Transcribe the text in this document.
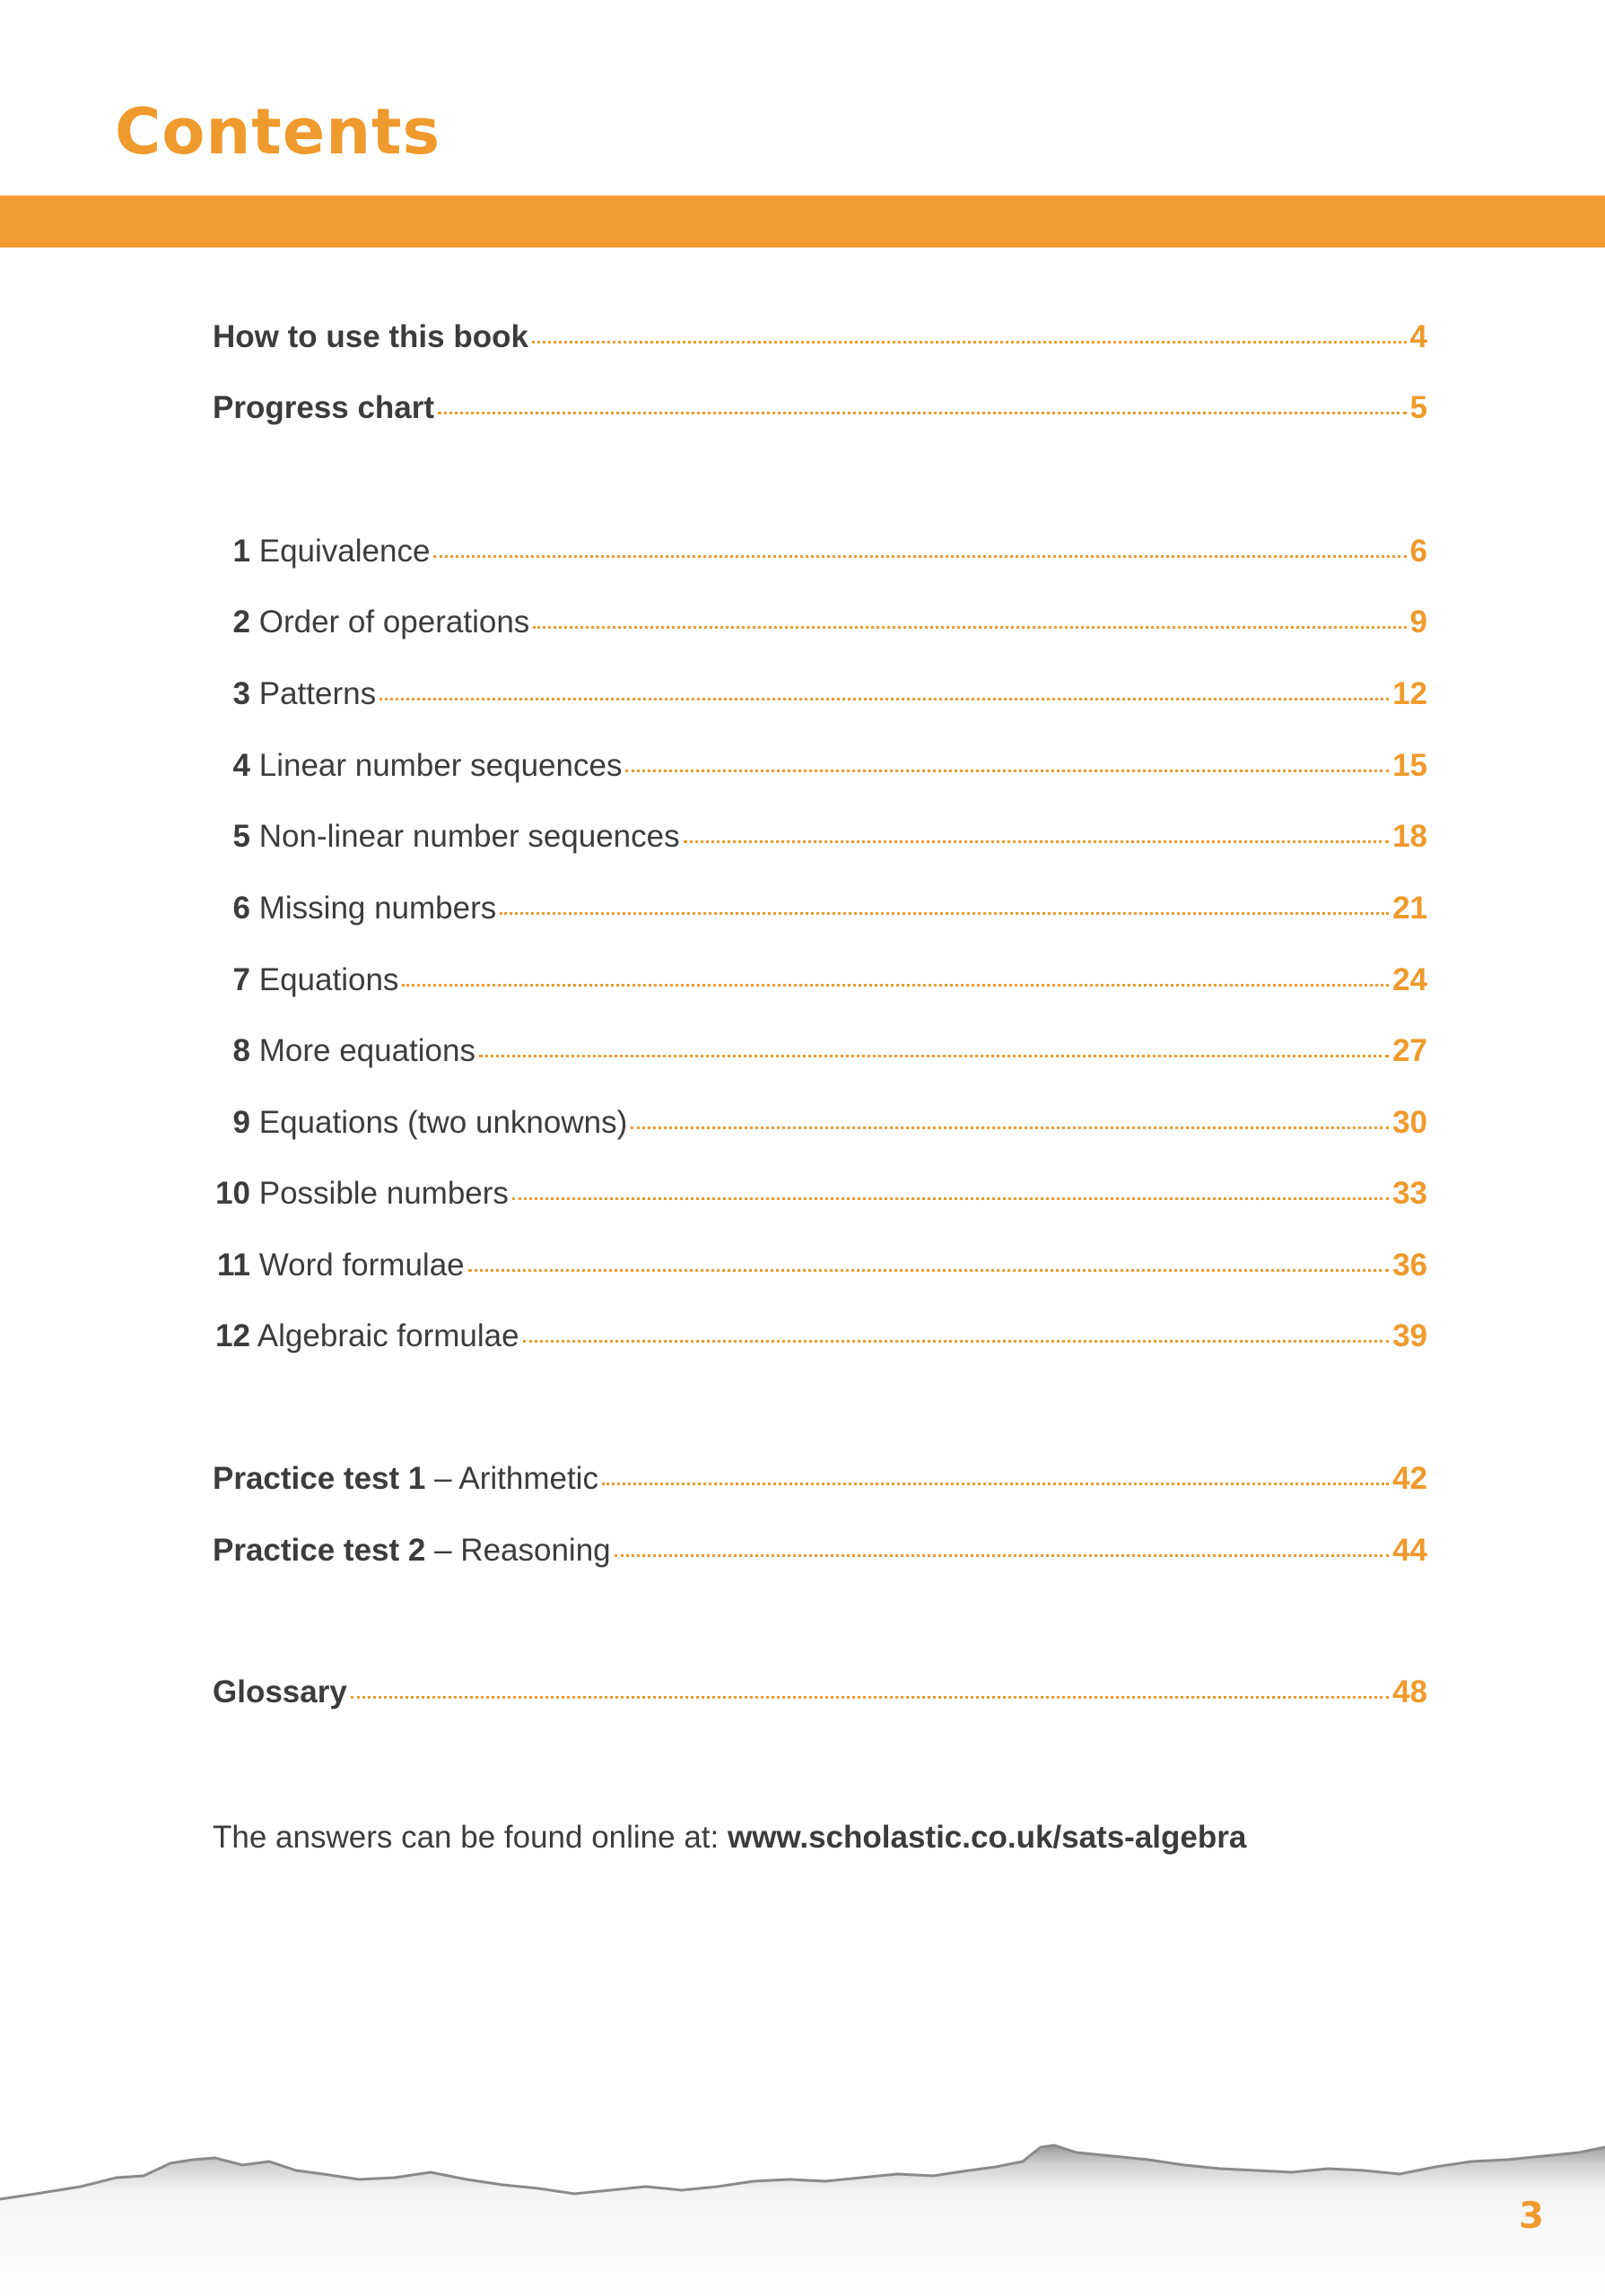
Contents
How to use this book	4
Progress chart	5
1 Equivalence	6
2 Order of operations	9
3 Patterns	12
4 Linear number sequences	15
5 Non-linear number sequences	18
6 Missing numbers	21
7 Equations	24
8 More equations	27
9 Equations (two unknowns)	30
10 Possible numbers	33
11 Word formulae	36
12 Algebraic formulae	39
Practice test 1 – Arithmetic	42
Practice test 2 – Reasoning	44
Glossary	48
The answers can be found online at: www.scholastic.co.uk/sats-algebra
3
